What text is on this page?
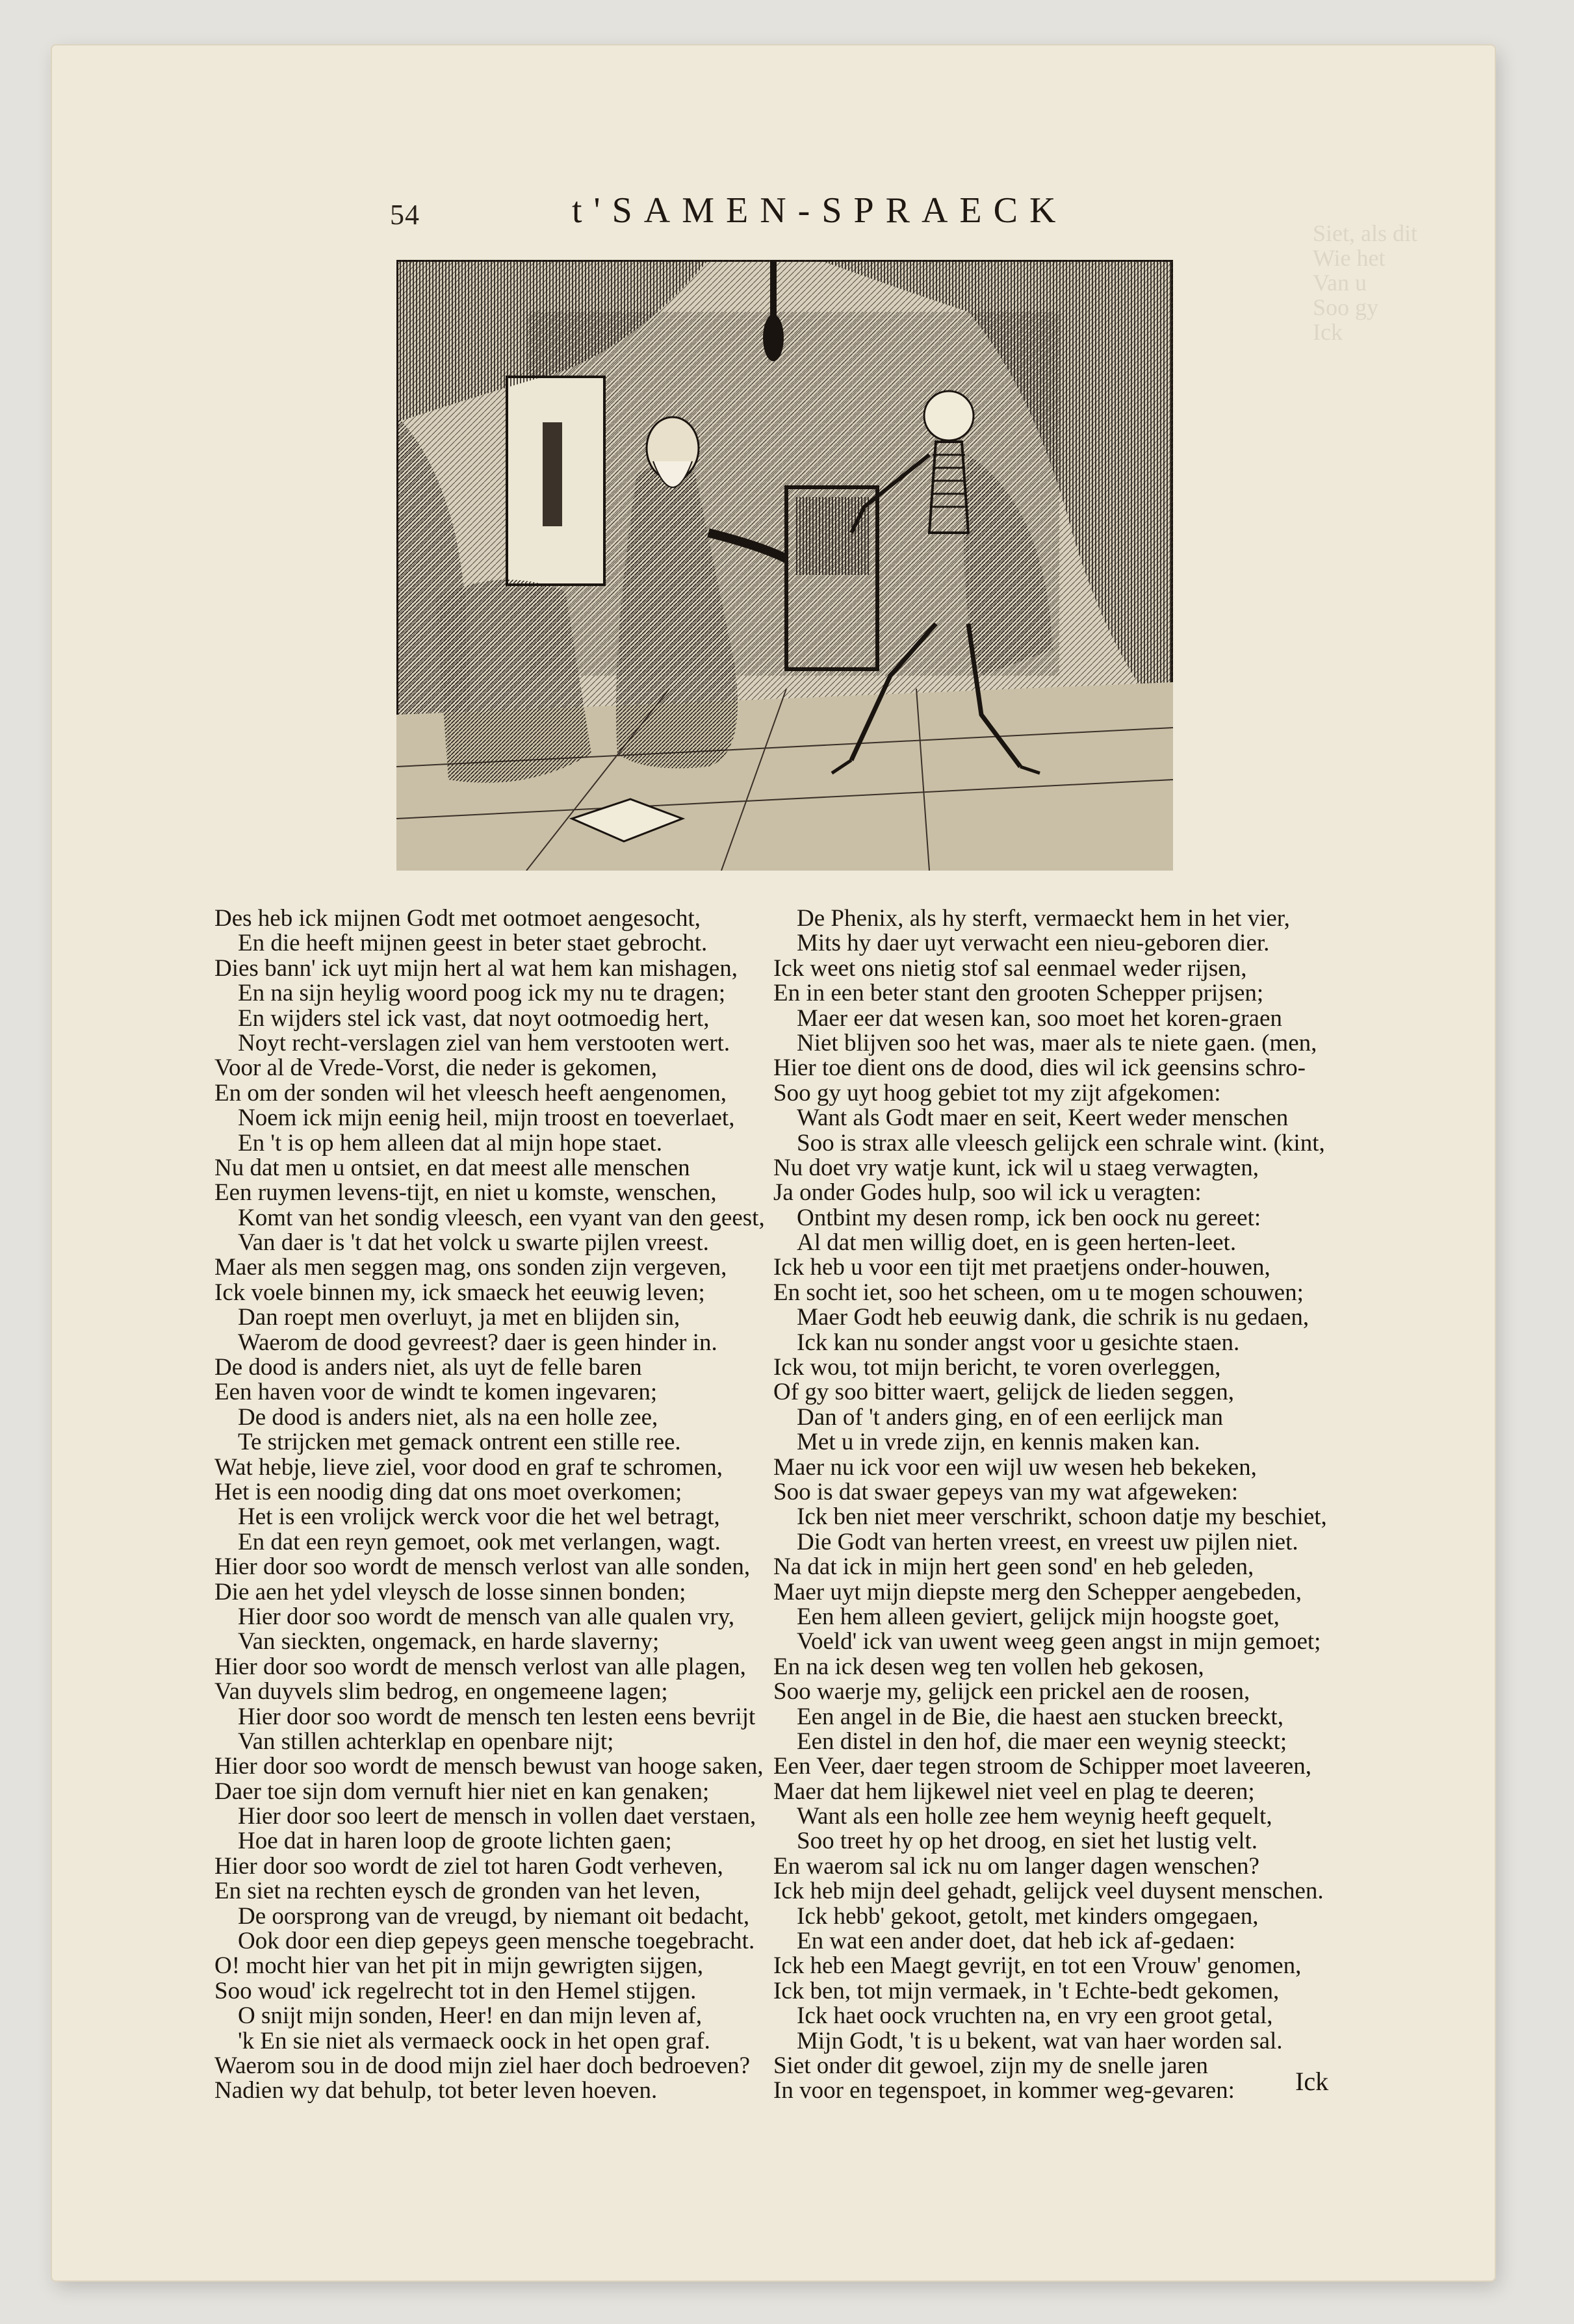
Siet, als dit
Wie het
Van u
Soo gy
Ick
54	t'SAMEN-SPRAECK
Des heb ick mijnen Godt met ootmoet aengesocht,
En die heeft mijnen geest in beter staet gebrocht.
Dies bann' ick uyt mijn hert al wat hem kan mishagen,
En na sijn heylig woord poog ick my nu te dragen;
En wijders stel ick vast, dat noyt ootmoedig hert,
Noyt recht-verslagen ziel van hem verstooten wert.
Voor al de Vrede-Vorst, die neder is gekomen,
En om der sonden wil het vleesch heeft aengenomen,
Noem ick mijn eenig heil, mijn troost en toeverlaet,
En 't is op hem alleen dat al mijn hope staet.
Nu dat men u ontsiet, en dat meest alle menschen
Een ruymen levens-tijt, en niet u komste, wenschen,
Komt van het sondig vleesch, een vyant van den geest,
Van daer is 't dat het volck u swarte pijlen vreest.
Maer als men seggen mag, ons sonden zijn vergeven,
Ick voele binnen my, ick smaeck het eeuwig leven;
Dan roept men overluyt, ja met en blijden sin,
Waerom de dood gevreest? daer is geen hinder in.
De dood is anders niet, als uyt de felle baren
Een haven voor de windt te komen ingevaren;
De dood is anders niet, als na een holle zee,
Te strijcken met gemack ontrent een stille ree.
Wat hebje, lieve ziel, voor dood en graf te schromen,
Het is een noodig ding dat ons moet overkomen;
Het is een vrolijck werck voor die het wel betragt,
En dat een reyn gemoet, ook met verlangen, wagt.
Hier door soo wordt de mensch verlost van alle sonden,
Die aen het ydel vleysch de losse sinnen bonden;
Hier door soo wordt de mensch van alle qualen vry,
Van sieckten, ongemack, en harde slaverny;
Hier door soo wordt de mensch verlost van alle plagen,
Van duyvels slim bedrog, en ongemeene lagen;
Hier door soo wordt de mensch ten lesten eens bevrijt
Van stillen achterklap en openbare nijt;
Hier door soo wordt de mensch bewust van hooge saken,
Daer toe sijn dom vernuft hier niet en kan genaken;
Hier door soo leert de mensch in vollen daet verstaen,
Hoe dat in haren loop de groote lichten gaen;
Hier door soo wordt de ziel tot haren Godt verheven,
En siet na rechten eysch de gronden van het leven,
De oorsprong van de vreugd, by niemant oit bedacht,
Ook door een diep gepeys geen mensche toegebracht.
O! mocht hier van het pit in mijn gewrigten sijgen,
Soo woud' ick regelrecht tot in den Hemel stijgen.
O snijt mijn sonden, Heer! en dan mijn leven af,
'k En sie niet als vermaeck oock in het open graf.
Waerom sou in de dood mijn ziel haer doch bedroeven?
Nadien wy dat behulp, tot beter leven hoeven.
De Phenix, als hy sterft, vermaeckt hem in het vier,
Mits hy daer uyt verwacht een nieu-geboren dier.
Ick weet ons nietig stof sal eenmael weder rijsen,
En in een beter stant den grooten Schepper prijsen;
Maer eer dat wesen kan, soo moet het koren-graen
Niet blijven soo het was, maer als te niete gaen. (men,
Hier toe dient ons de dood, dies wil ick geensins schro-
Soo gy uyt hoog gebiet tot my zijt afgekomen:
Want als Godt maer en seit, Keert weder menschen
Soo is strax alle vleesch gelijck een schrale wint. (kint,
Nu doet vry watje kunt, ick wil u staeg verwagten,
Ja onder Godes hulp, soo wil ick u veragten:
Ontbint my desen romp, ick ben oock nu gereet:
Al dat men willig doet, en is geen herten-leet.
Ick heb u voor een tijt met praetjens onder-houwen,
En socht iet, soo het scheen, om u te mogen schouwen;
Maer Godt heb eeuwig dank, die schrik is nu gedaen,
Ick kan nu sonder angst voor u gesichte staen.
Ick wou, tot mijn bericht, te voren overleggen,
Of gy soo bitter waert, gelijck de lieden seggen,
Dan of 't anders ging, en of een eerlijck man
Met u in vrede zijn, en kennis maken kan.
Maer nu ick voor een wijl uw wesen heb bekeken,
Soo is dat swaer gepeys van my wat afgeweken:
Ick ben niet meer verschrikt, schoon datje my beschiet,
Die Godt van herten vreest, en vreest uw pijlen niet.
Na dat ick in mijn hert geen sond' en heb geleden,
Maer uyt mijn diepste merg den Schepper aengebeden,
Een hem alleen geviert, gelijck mijn hoogste goet,
Voeld' ick van uwent weeg geen angst in mijn gemoet;
En na ick desen weg ten vollen heb gekosen,
Soo waerje my, gelijck een prickel aen de roosen,
Een angel in de Bie, die haest aen stucken breeckt,
Een distel in den hof, die maer een weynig steeckt;
Een Veer, daer tegen stroom de Schipper moet laveeren,
Maer dat hem lijkewel niet veel en plag te deeren;
Want als een holle zee hem weynig heeft gequelt,
Soo treet hy op het droog, en siet het lustig velt.
En waerom sal ick nu om langer dagen wenschen?
Ick heb mijn deel gehadt, gelijck veel duysent menschen.
Ick hebb' gekoot, getolt, met kinders omgegaen,
En wat een ander doet, dat heb ick af-gedaen:
Ick heb een Maegt gevrijt, en tot een Vrouw' genomen,
Ick ben, tot mijn vermaek, in 't Echte-bedt gekomen,
Ick haet oock vruchten na, en vry een groot getal,
Mijn Godt, 't is u bekent, wat van haer worden sal.
Siet onder dit gewoel, zijn my de snelle jaren
In voor en tegenspoet, in kommer weg-gevaren:	Ick
